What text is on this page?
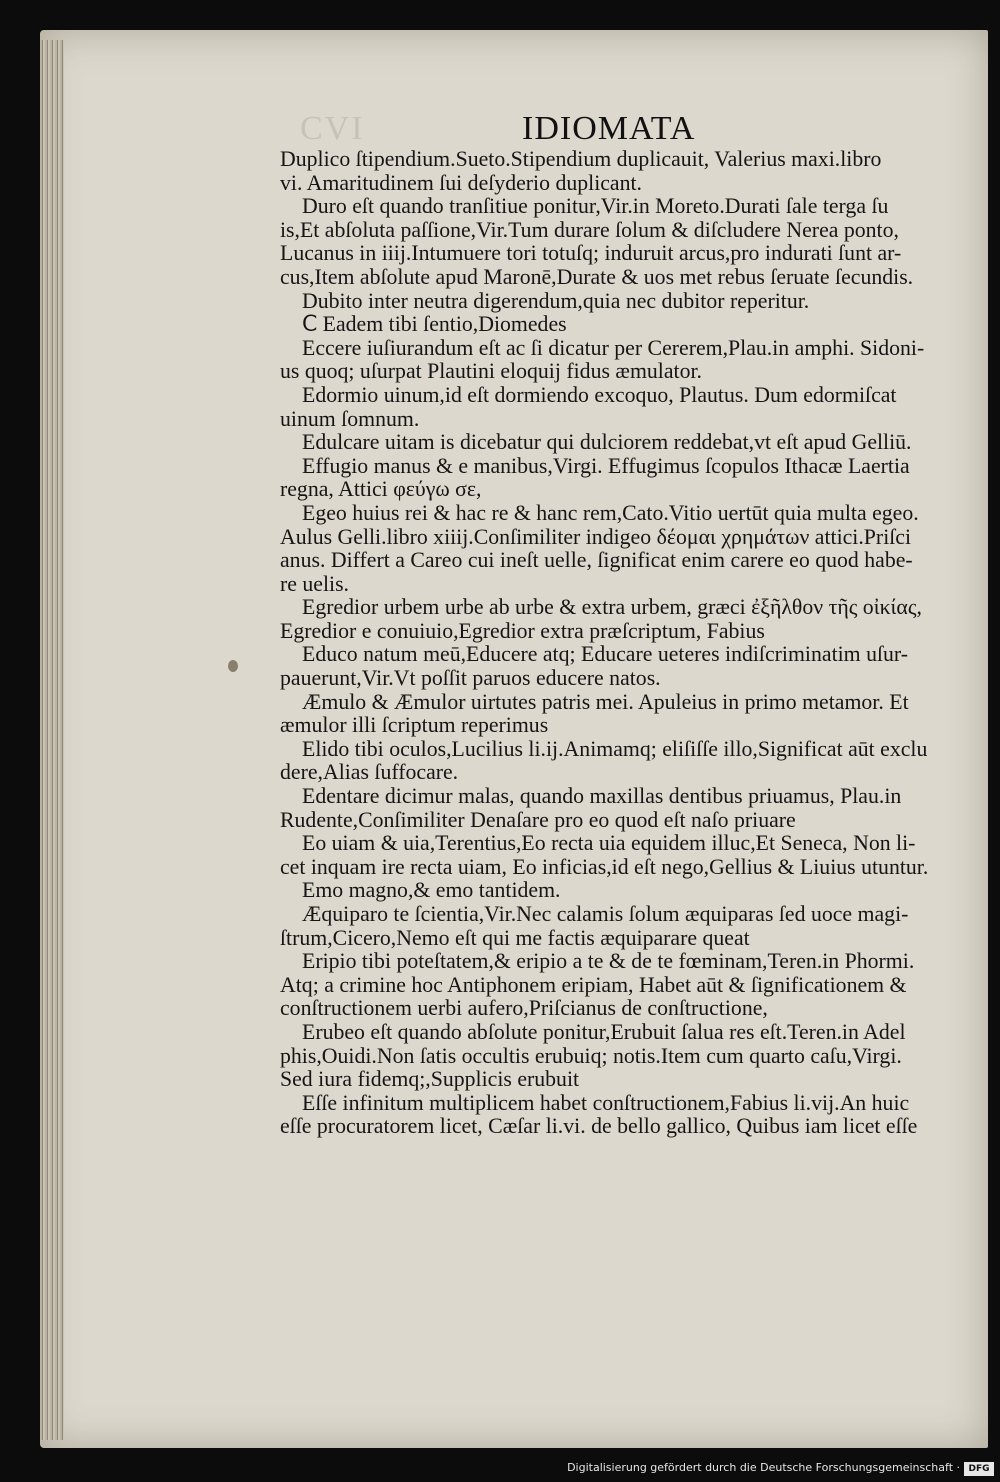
CVI	IDIOMATA
Duplico ſtipendium.Sueto.Stipendium duplicauit, Valerius maxi.libro
vi. Amaritudinem ſui deſyderio duplicant.
Duro eſt quando tranſitiue ponitur,Vir.in Moreto.Durati ſale terga ſu
is,Et abſoluta paſſione,Vir.Tum durare ſolum & diſcludere Nerea ponto,
Lucanus in iiij.Intumuere tori totuſq; induruit arcus,pro indurati ſunt ar-
cus,Item abſolute apud Maronē,Durate & uos met rebus ſeruate ſecundis.
Dubito inter neutra digerendum,quia nec dubitor reperitur.
Ⅽ Eadem tibi ſentio,Diomedes
Eccere iuſiurandum eſt ac ſi dicatur per Cererem,Plau.in amphi. Sidoni-
us quoq; uſurpat Plautini eloquij fidus æmulator.
Edormio uinum,id eſt dormiendo excoquo, Plautus. Dum edormiſcat
uinum ſomnum.
Edulcare uitam is dicebatur qui dulciorem reddebat,vt eſt apud Gelliū.
Effugio manus & e manibus,Virgi. Effugimus ſcopulos Ithacæ Laertia
regna, Attici φεύγω σε,
Egeo huius rei & hac re & hanc rem,Cato.Vitio uertūt quia multa egeo.
Aulus Gelli.libro xiiij.Conſimiliter indigeo δέομαι χρημάτων attici.Priſci
anus. Differt a Careo cui ineſt uelle, ſignificat enim carere eo quod habe-
re uelis.
Egredior urbem urbe ab urbe & extra urbem, græci ἐξῆλθον τῆς οἰκίας,
Egredior e conuiuio,Egredior extra præſcriptum, Fabius
Educo natum meū,Educere atq; Educare ueteres indiſcriminatim uſur-
pauerunt,Vir.Vt poſſit paruos educere natos.
Æmulo & Æmulor uirtutes patris mei. Apuleius in primo metamor. Et
æmulor illi ſcriptum reperimus
Elido tibi oculos,Lucilius li.ij.Animamq; eliſiſſe illo,Significat aūt exclu
dere,Alias ſuffocare.
Edentare dicimur malas, quando maxillas dentibus priuamus, Plau.in
Rudente,Conſimiliter Denaſare pro eo quod eſt naſo priuare
Eo uiam & uia,Terentius,Eo recta uia equidem illuc,Et Seneca, Non li-
cet inquam ire recta uiam, Eo inficias,id eſt nego,Gellius & Liuius utuntur.
Emo magno,& emo tantidem.
Æquiparo te ſcientia,Vir.Nec calamis ſolum æquiparas ſed uoce magi-
ſtrum,Cicero,Nemo eſt qui me factis æquiparare queat
Eripio tibi poteſtatem,& eripio a te & de te fœminam,Teren.in Phormi.
Atq; a crimine hoc Antiphonem eripiam, Habet aūt & ſignificationem &
conſtructionem uerbi aufero,Priſcianus de conſtructione,
Erubeo eſt quando abſolute ponitur,Erubuit ſalua res eſt.Teren.in Adel
phis,Ouidi.Non ſatis occultis erubuiq; notis.Item cum quarto caſu,Virgi.
Sed iura fidemq;,Supplicis erubuit
Eſſe infinitum multiplicem habet conſtructionem,Fabius li.vij.An huic
eſſe procuratorem licet, Cæſar li.vi. de bello gallico, Quibus iam licet eſſe
Digitalisierung gefördert durch die Deutsche Forschungsgemeinschaft · DFG
